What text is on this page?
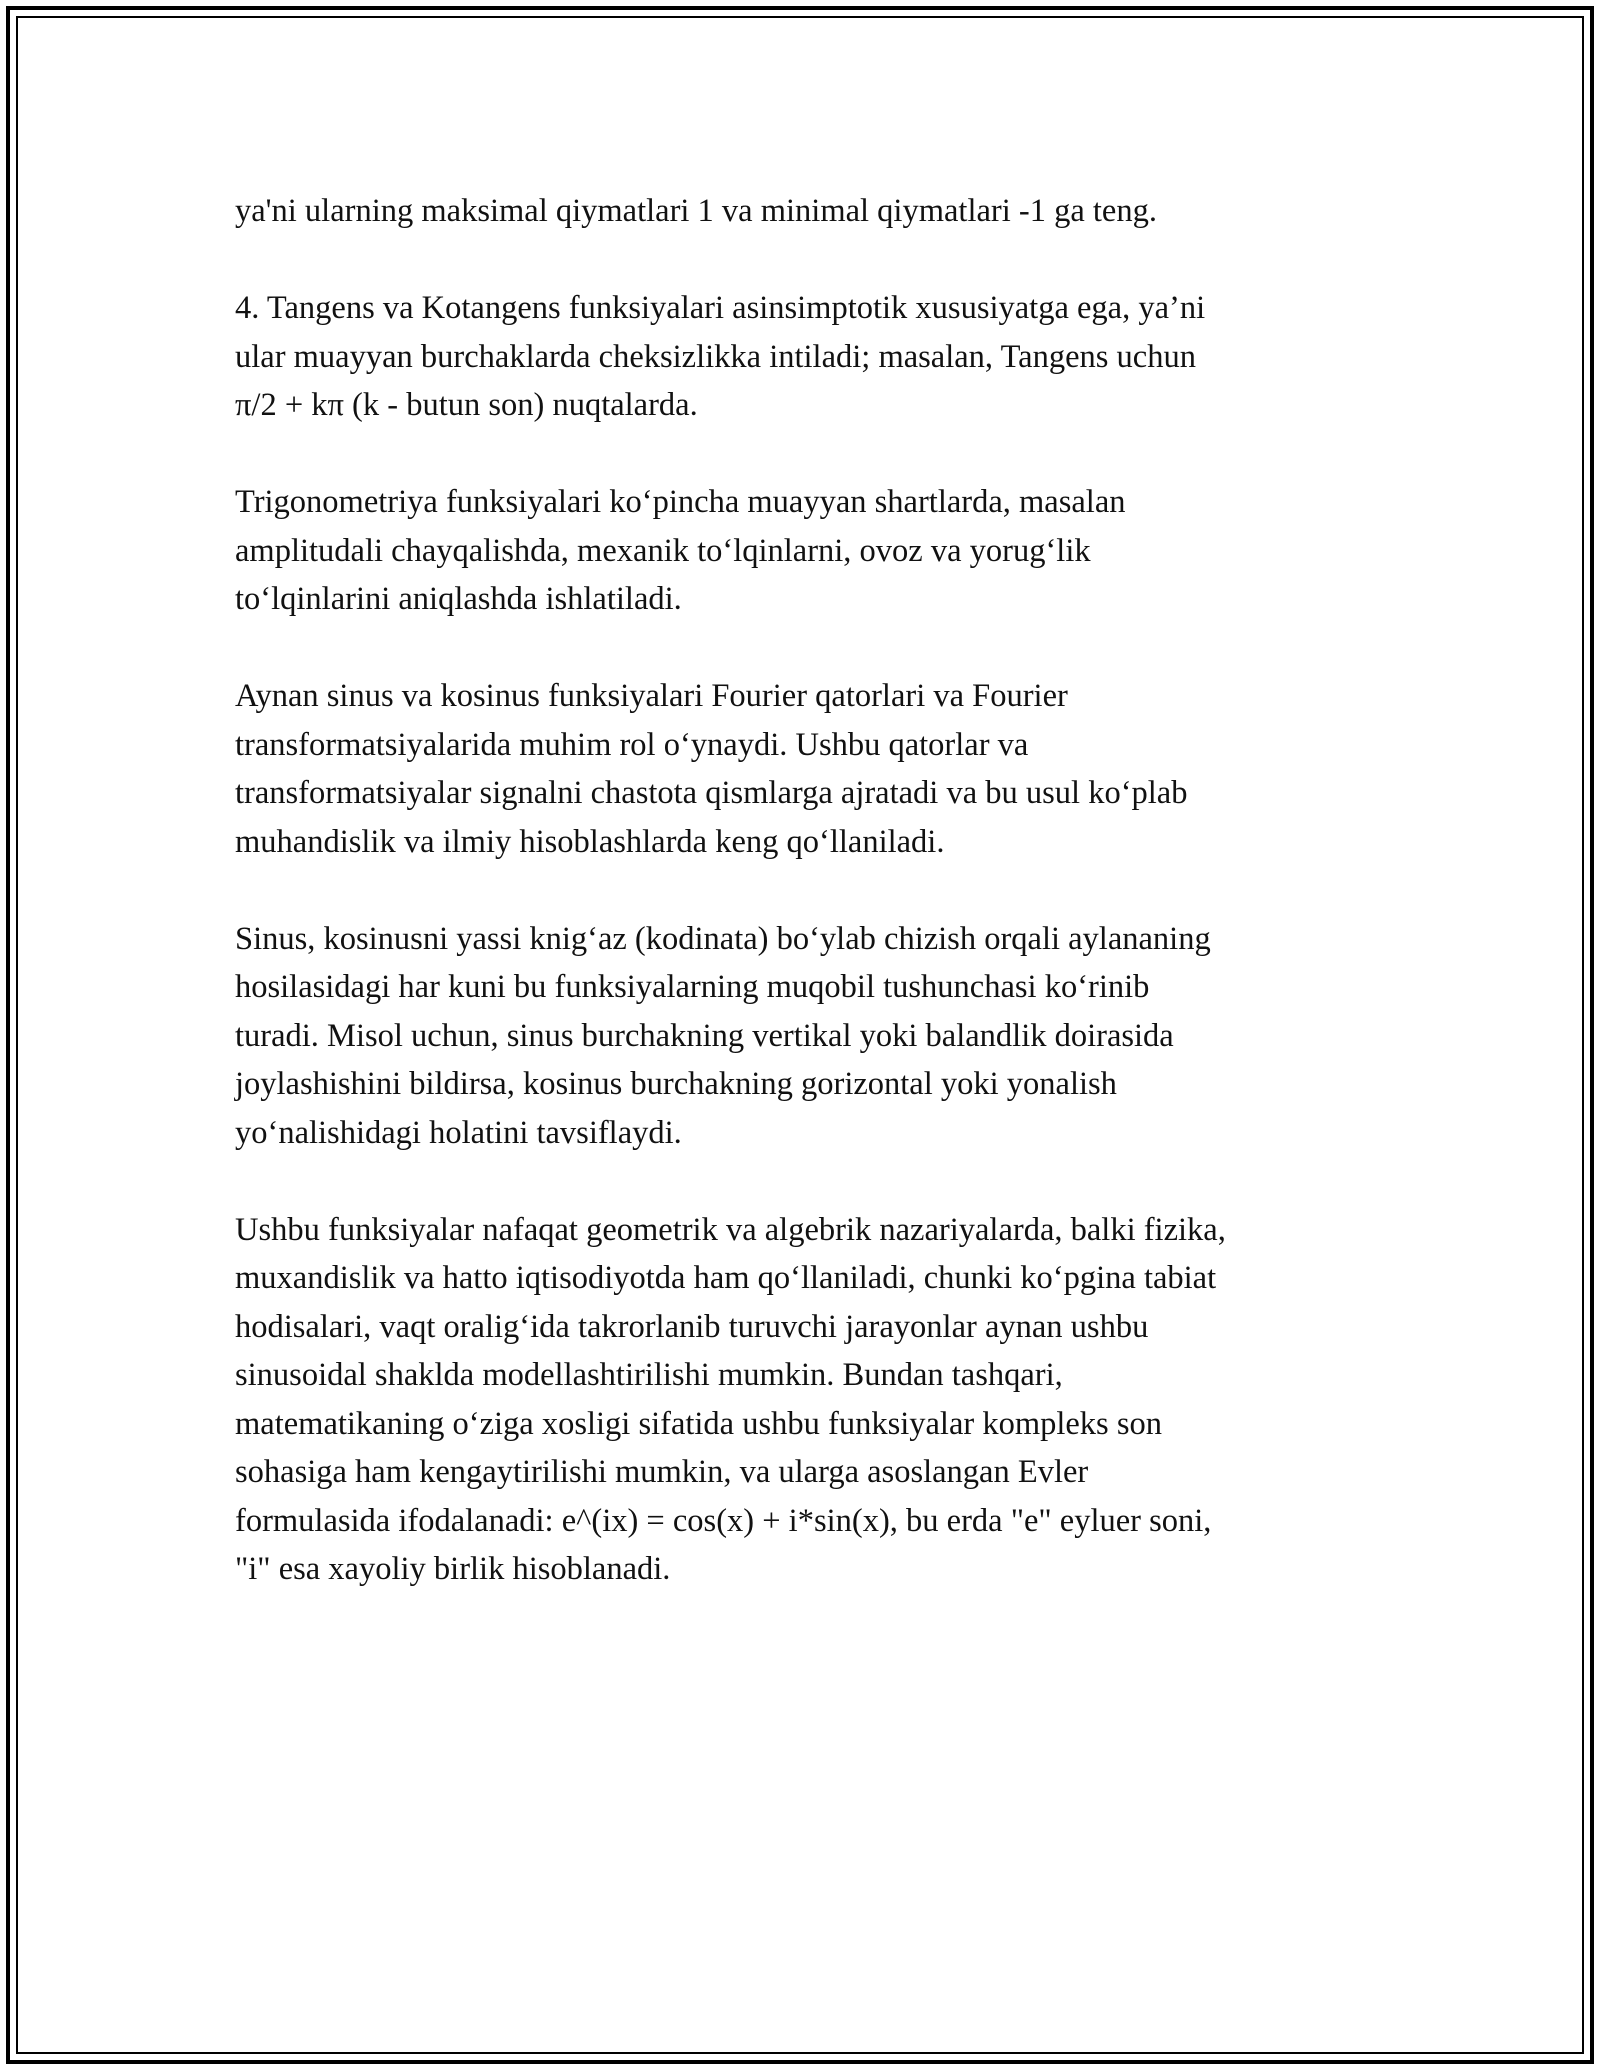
ya'ni ularning maksimal qiymatlari 1 va minimal qiymatlari -1 ga teng.

4. Tangens va Kotangens funksiyalari asinsimptotik xususiyatga ega, ya’ni
ular muayyan burchaklarda cheksizlikka intiladi; masalan, Tangens uchun
π/2 + kπ (k - butun son) nuqtalarda.

Trigonometriya funksiyalari koʻpincha muayyan shartlarda, masalan
amplitudali chayqalishda, mexanik toʻlqinlarni, ovoz va yorugʻlik
toʻlqinlarini aniqlashda ishlatiladi.

Aynan sinus va kosinus funksiyalari Fourier qatorlari va Fourier
transformatsiyalarida muhim rol oʻynaydi. Ushbu qatorlar va
transformatsiyalar signalni chastota qismlarga ajratadi va bu usul koʻplab
muhandislik va ilmiy hisoblashlarda keng qoʻllaniladi.

Sinus, kosinusni yassi knigʻaz (kodinata) boʻylab chizish orqali aylananing
hosilasidagi har kuni bu funksiyalarning muqobil tushunchasi koʻrinib
turadi. Misol uchun, sinus burchakning vertikal yoki balandlik doirasida
joylashishini bildirsa, kosinus burchakning gorizontal yoki yonalish
yoʻnalishidagi holatini tavsiflaydi.

Ushbu funksiyalar nafaqat geometrik va algebrik nazariyalarda, balki fizika,
muxandislik va hatto iqtisodiyotda ham qoʻllaniladi, chunki koʻpgina tabiat
hodisalari, vaqt oraligʻida takrorlanib turuvchi jarayonlar aynan ushbu
sinusoidal shaklda modellashtirilishi mumkin. Bundan tashqari,
matematikaning oʻziga xosligi sifatida ushbu funksiyalar kompleks son
sohasiga ham kengaytirilishi mumkin, va ularga asoslangan Evler
formulasida ifodalanadi: e^(ix) = cos(x) + i*sin(x), bu erda "e" eyluer soni,
"i" esa xayoliy birlik hisoblanadi.
